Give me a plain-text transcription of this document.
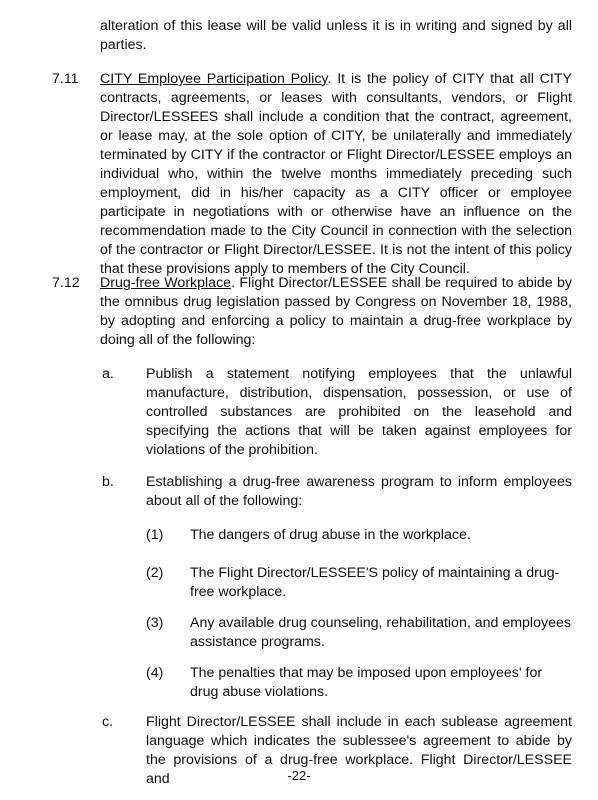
alteration of this lease will be valid unless it is in writing and signed by all parties.
7.11 CITY Employee Participation Policy. It is the policy of CITY that all CITY contracts, agreements, or leases with consultants, vendors, or Flight Director/LESSEES shall include a condition that the contract, agreement, or lease may, at the sole option of CITY, be unilaterally and immediately terminated by CITY if the contractor or Flight Director/LESSEE employs an individual who, within the twelve months immediately preceding such employment, did in his/her capacity as a CITY officer or employee participate in negotiations with or otherwise have an influence on the recommendation made to the City Council in connection with the selection of the contractor or Flight Director/LESSEE. It is not the intent of this policy that these provisions apply to members of the City Council.
7.12 Drug-free Workplace. Flight Director/LESSEE shall be required to abide by the omnibus drug legislation passed by Congress on November 18, 1988, by adopting and enforcing a policy to maintain a drug-free workplace by doing all of the following:
a. Publish a statement notifying employees that the unlawful manufacture, distribution, dispensation, possession, or use of controlled substances are prohibited on the leasehold and specifying the actions that will be taken against employees for violations of the prohibition.
b. Establishing a drug-free awareness program to inform employees about all of the following:
(1) The dangers of drug abuse in the workplace.
(2) The Flight Director/LESSEE'S policy of maintaining a drug-free workplace.
(3) Any available drug counseling, rehabilitation, and employees assistance programs.
(4) The penalties that may be imposed upon employees' for drug abuse violations.
c. Flight Director/LESSEE shall include in each sublease agreement language which indicates the sublessee's agreement to abide by the provisions of a drug-free workplace. Flight Director/LESSEE and	-22-
